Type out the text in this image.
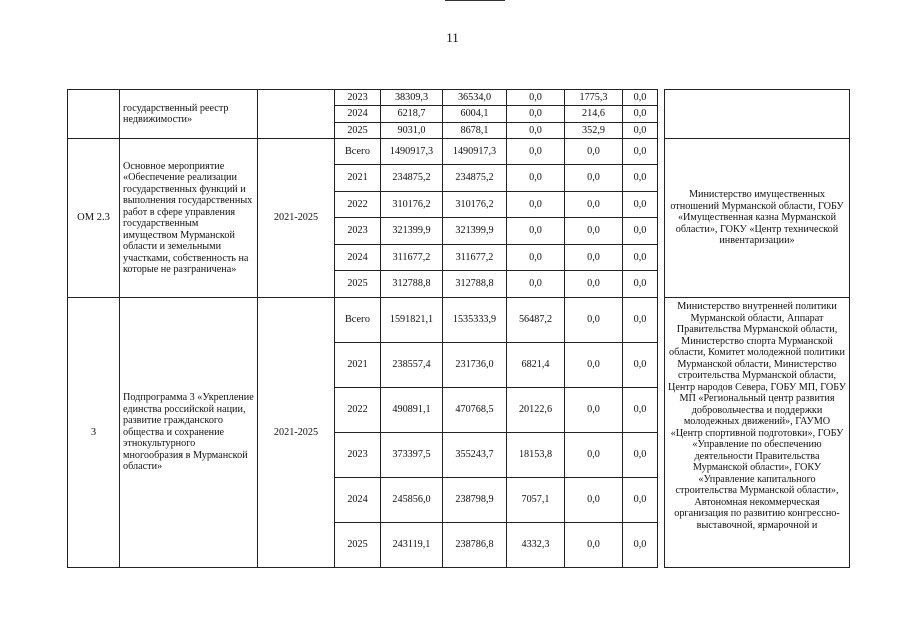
11
	государственный реестр недвижимости»		2023	38309,3	36534,0	0,0	1775,3	0,0		
			2024	6218,7	6004,1	0,0	214,6	0,0		
			2025	9031,0	8678,1	0,0	352,9	0,0		
ОМ 2.3	Основное мероприятие «Обеспечение реализации государственных функций и выполнения государственных работ в сфере управления государственным имуществом Мурманской области и земельными участками, собственность на которые не разграничена»	2021-2025	Всего	1490917,3	1490917,3	0,0	0,0	0,0		Министерство имущественных отношений Мурманской области, ГОБУ «Имущественная казна Мурманской области», ГОКУ «Центр технической инвентаризации»
			2021	234875,2	234875,2	0,0	0,0	0,0		
			2022	310176,2	310176,2	0,0	0,0	0,0		
			2023	321399,9	321399,9	0,0	0,0	0,0		
			2024	311677,2	311677,2	0,0	0,0	0,0		
			2025	312788,8	312788,8	0,0	0,0	0,0		
3	Подпрограмма 3 «Укрепление единства российской нации, развитие гражданского общества и сохранение этнокультурного многообразия в Мурманской области»	2021-2025	Всего	1591821,1	1535333,9	56487,2	0,0	0,0		Министерство внутренней политики Мурманской области, Аппарат Правительства Мурманской области, Министерство спорта Мурманской области, Комитет молодежной политики Мурманской области, Министерство строительства Мурманской области, Центр народов Севера, ГОБУ МП, ГОБУ МП «Региональный центр развития добровольчества и поддержки молодежных движений», ГАУМО «Центр спортивной подготовки», ГОБУ «Управление по обеспечению деятельности Правительства Мурманской области», ГОКУ «Управление капитального строительства Мурманской области», Автономная некоммерческая организация по развитию конгрессно-выставочной, ярмарочной и
			2021	238557,4	231736,0	6821,4	0,0	0,0		
			2022	490891,1	470768,5	20122,6	0,0	0,0		
			2023	373397,5	355243,7	18153,8	0,0	0,0		
			2024	245856,0	238798,9	7057,1	0,0	0,0		
			2025	243119,1	238786,8	4332,3	0,0	0,0		
